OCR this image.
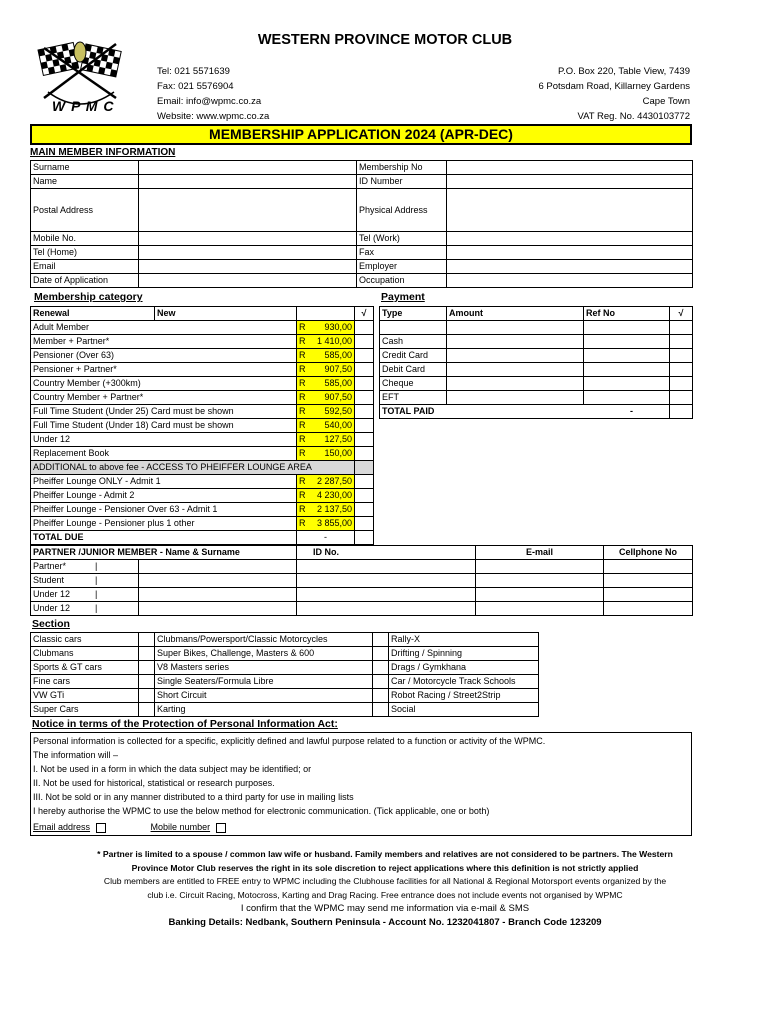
WESTERN PROVINCE MOTOR CLUB
W P M C
Tel: 021 5571639
Fax: 021 5576904
Email: info@wpmc.co.za
Website: www.wpmc.co.za
P.O. Box 220, Table View, 7439
6 Potsdam Road, Killarney Gardens
Cape Town
VAT Reg. No. 4430103772
MEMBERSHIP APPLICATION 2024 (APR-DEC)
MAIN MEMBER INFORMATION
Surname		Membership No	
Name		ID Number	
Postal Address		Physical Address	
Mobile No.		Tel (Work)	
Tel (Home)		Fax	
Email		Employer	
Date of Application		Occupation	
Membership category	Payment
Renewal	New		√
Adult Member		R 930,00	

Member + Partner*		R 1 410,00	

Pensioner (Over 63)		R 585,00	

Pensioner + Partner*		R 907,50	

Country Member (+300km)		R 585,00	

Country Member + Partner*		R 907,50	

Full Time Student (Under 25) Card must be shown		R 592,50	

Full Time Student (Under 18) Card must be shown		R 540,00	

Under 12		R 127,50	

Replacement Book		R 150,00	

ADDITIONAL to above fee - ACCESS TO PHEIFFER LOUNGE AREA			
Pheiffer Lounge ONLY - Admit 1		R 2 287,50	

Pheiffer Lounge - Admit 2		R 4 230,00	

Pheiffer Lounge - Pensioner Over 63 - Admit 1		R 2 137,50	

Pheiffer Lounge - Pensioner plus 1 other		R 3 855,00	

TOTAL DUE		-	
Type	Amount	Ref No	√

Cash			
Credit Card			
Debit Card			
Cheque			
EFT			
TOTAL PAID -			

PARTNER /JUNIOR MEMBER - Name & Surname		ID No.	E-mail	Cellphone No
Partner* |				

Student |				

Under 12 |				

Under 12 |				

Section
Classic cars		Clubmans/Powersport/Classic Motorcycles		Rally-X	
Clubmans		Super Bikes, Challenge, Masters & 600		Drifting / Spinning	
Sports & GT cars		V8 Masters series		Drags / Gymkhana	
Fine cars		Single Seaters/Formula Libre		Car / Motorcycle Track Schools	
VW GTi		Short Circuit		Robot Racing / Street2Strip	
Super Cars		Karting		Social	
Notice in terms of the Protection of Personal Information Act:
Personal information is collected for a specific, explicitly defined and lawful purpose related to a function or activity of the WPMC.
The information will –
I. Not be used in a form in which the data subject may be identified; or
II. Not be used for historical, statistical or research purposes.
III. Not be sold or in any manner distributed to a third party for use in mailing lists
I hereby authorise the WPMC to use the below method for electronic communication. (Tick applicable, one or both)
Email address	Mobile number
* Partner is limited to a spouse / common law wife or husband. Family members and relatives are not considered to be partners. The Western
Province Motor Club reserves the right in its sole discretion to reject applications where this definition is not strictly applied
Club members are entitled to FREE entry to WPMC including the Clubhouse facilities for all National & Regional Motorsport events organized by the
club i.e. Circuit Racing, Motocross, Karting and Drag Racing. Free entrance does not include events not organised by WPMC
I confirm that the WPMC may send me information via e-mail & SMS
Banking Details: Nedbank, Southern Peninsula - Account No. 1232041807 - Branch Code 123209
